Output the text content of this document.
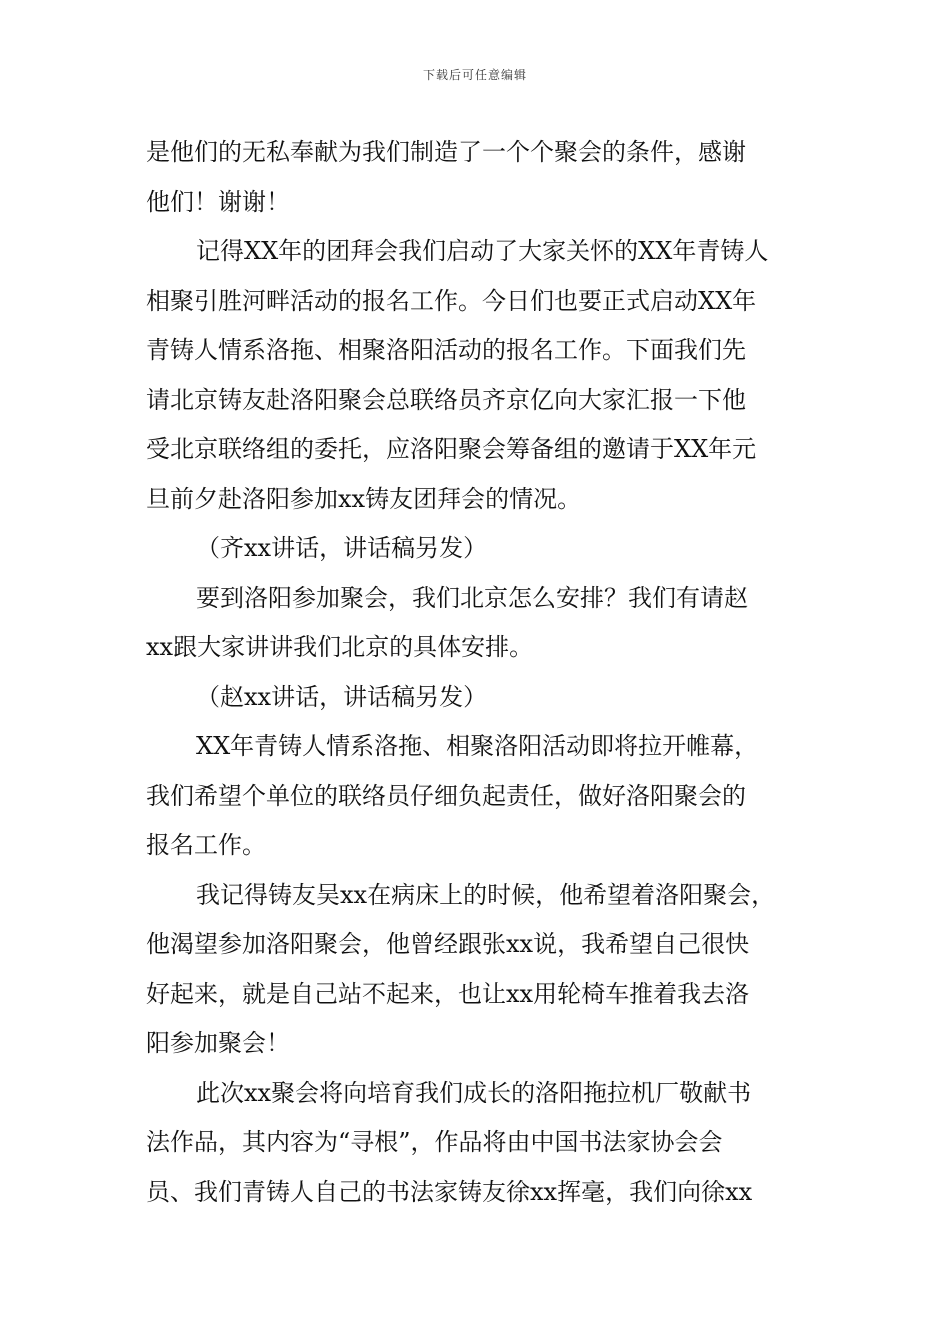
下载后可任意编辑
是他们的无私奉献为我们制造了一个个聚会的条件，感谢
他们！谢谢！
记得XX年的团拜会我们启动了大家关怀的XX年青铸人
相聚引胜河畔活动的报名工作。今日们也要正式启动XX年
青铸人情系洛拖、相聚洛阳活动的报名工作。下面我们先
请北京铸友赴洛阳聚会总联络员齐京亿向大家汇报一下他
受北京联络组的委托，应洛阳聚会筹备组的邀请于XX年元
旦前夕赴洛阳参加xx铸友团拜会的情况。
（齐xx讲话，讲话稿另发）
要到洛阳参加聚会，我们北京怎么安排？我们有请赵
xx跟大家讲讲我们北京的具体安排。
（赵xx讲话，讲话稿另发）
XX年青铸人情系洛拖、相聚洛阳活动即将拉开帷幕，
我们希望个单位的联络员仔细负起责任，做好洛阳聚会的
报名工作。
我记得铸友吴xx在病床上的时候，他希望着洛阳聚会，
他渴望参加洛阳聚会，他曾经跟张xx说，我希望自己很快
好起来，就是自己站不起来，也让xx用轮椅车推着我去洛
阳参加聚会！
此次xx聚会将向培育我们成长的洛阳拖拉机厂敬献书
法作品，其内容为“寻根”，作品将由中国书法家协会会
员、我们青铸人自己的书法家铸友徐xx挥毫，我们向徐xx
